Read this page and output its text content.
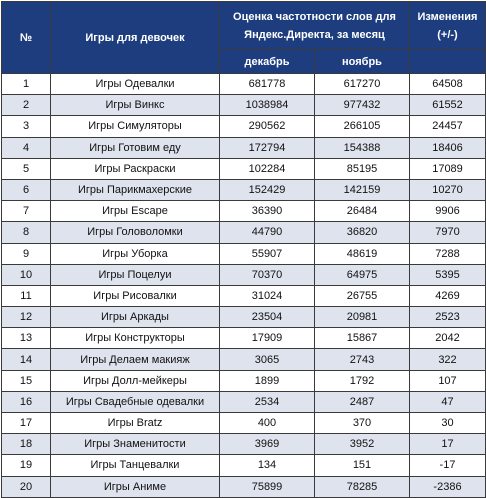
№	Игры для девочек	Оценка частотности слов для Яндекс.Директа, за месяц		Изменения (+/-)
		декабрь	ноябрь	
1	Игры Одевалки	681778	617270	64508
2	Игры Винкс	1038984	977432	61552
3	Игры Симуляторы	290562	266105	24457
4	Игры Готовим еду	172794	154388	18406
5	Игры Раскраски	102284	85195	17089
6	Игры Парикмахерские	152429	142159	10270
7	Игры Escape	36390	26484	9906
8	Игры Головоломки	44790	36820	7970
9	Игры Уборка	55907	48619	7288
10	Игры Поцелуи	70370	64975	5395
11	Игры Рисовалки	31024	26755	4269
12	Игры Аркады	23504	20981	2523
13	Игры Конструкторы	17909	15867	2042
14	Игры Делаем макияж	3065	2743	322
15	Игры Долл-мейкеры	1899	1792	107
16	Игры Свадебные одевалки	2534	2487	47
17	Игры Bratz	400	370	30
18	Игры Знаменитости	3969	3952	17
19	Игры Танцевалки	134	151	-17
20	Игры Аниме	75899	78285	-2386
